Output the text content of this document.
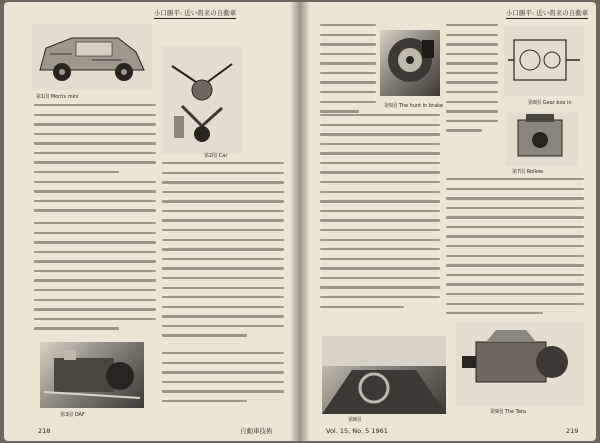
小口勝平: 近い将来の自動車
第1図 Morris mini
第2図 Car
第3図 DAF
218	自動車技術
小口勝平: 近い将来の自動車
第5図 The hunt in brake	第6図 Gear box in
第7図 Rollow
第8図
第9図 The Tata
Vol. 15, No. 5 1961	219
